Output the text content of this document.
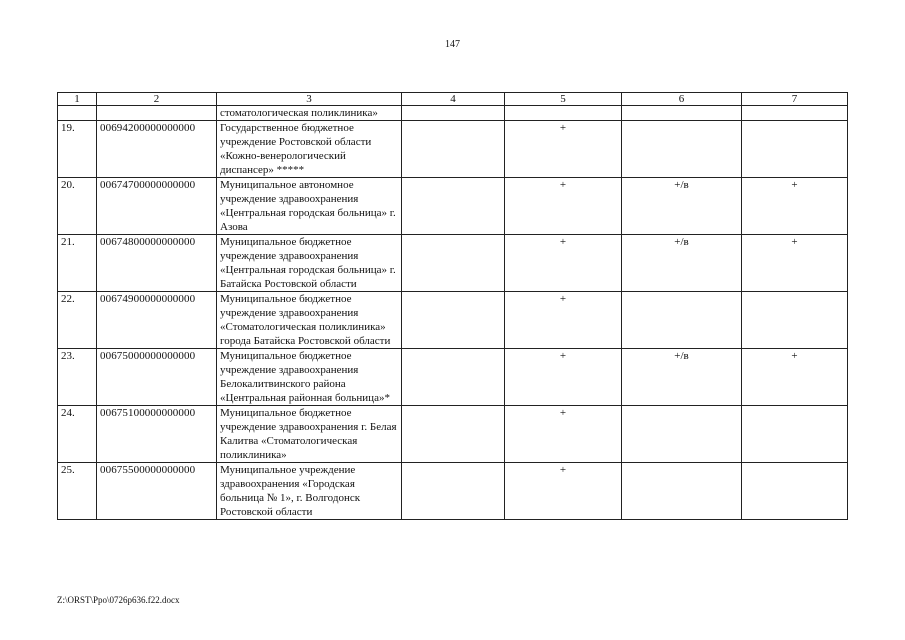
147
1	2	3	4	5	6	7
		стоматологическая поликлиника»				
19.	00694200000000000	Государственное бюджетное учреждение Ростовской области «Кожно-венерологический диспансер» *****		+		
20.	00674700000000000	Муниципальное автономное учреждение здравоохранения «Центральная городская больница» г. Азова		+	+/в	+
21.	00674800000000000	Муниципальное бюджетное учреждение здравоохранения «Центральная городская больница» г. Батайска Ростовской области		+	+/в	+
22.	00674900000000000	Муниципальное бюджетное учреждение здравоохранения «Стоматологическая поликлиника» города Батайска Ростовской области		+		
23.	00675000000000000	Муниципальное бюджетное учреждение здравоохранения Белокалитвинского района «Центральная районная больница»*		+	+/в	+
24.	00675100000000000	Муниципальное бюджетное учреждение здравоохранения г. Белая Калитва «Стоматологическая поликлиника»		+		
25.	00675500000000000	Муниципальное учреждение здравоохранения «Городская больница № 1», г. Волгодонск Ростовской области		+		
Z:\ORST\Ppo\0726p636.f22.docx
